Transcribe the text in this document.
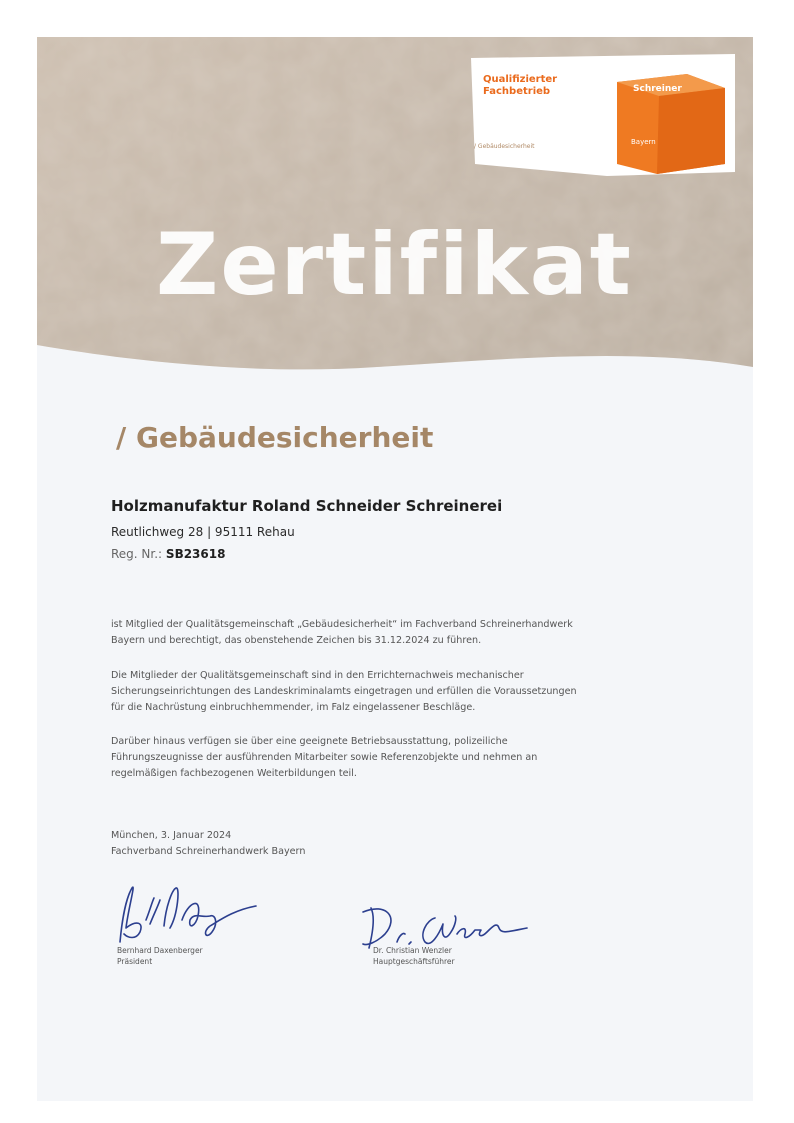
Qualifizierter
Fachbetrieb
/ Gebäudesicherheit
Schreiner
Bayern
Zertifikat
/ Gebäudesicherheit
Holzmanufaktur Roland Schneider Schreinerei
Reutlichweg 28 | 95111 Rehau
Reg. Nr.: SB23618

ist Mitglied der Qualitätsgemeinschaft „Gebäudesicherheit“ im Fachverband Schreinerhandwerk Bayern und berechtigt, das obenstehende Zeichen bis 31.12.2024 zu führen.

Die Mitglieder der Qualitätsgemeinschaft sind in den Errichternachweis mechanischer Sicherungseinrichtungen des Landeskriminalamts eingetragen und erfüllen die Voraussetzungen für die Nachrüstung einbruchhemmender, im Falz eingelassener Beschläge.

Darüber hinaus verfügen sie über eine geeignete Betriebsausstattung, polizeiliche Führungszeugnisse der ausführenden Mitarbeiter sowie Referenzobjekte und nehmen an regelmäßigen fachbezogenen Weiterbildungen teil.

München, 3. Januar 2024
Fachverband Schreinerhandwerk Bayern
Bernhard Daxenberger
Präsident
Dr. Christian Wenzler
Hauptgeschäftsführer
